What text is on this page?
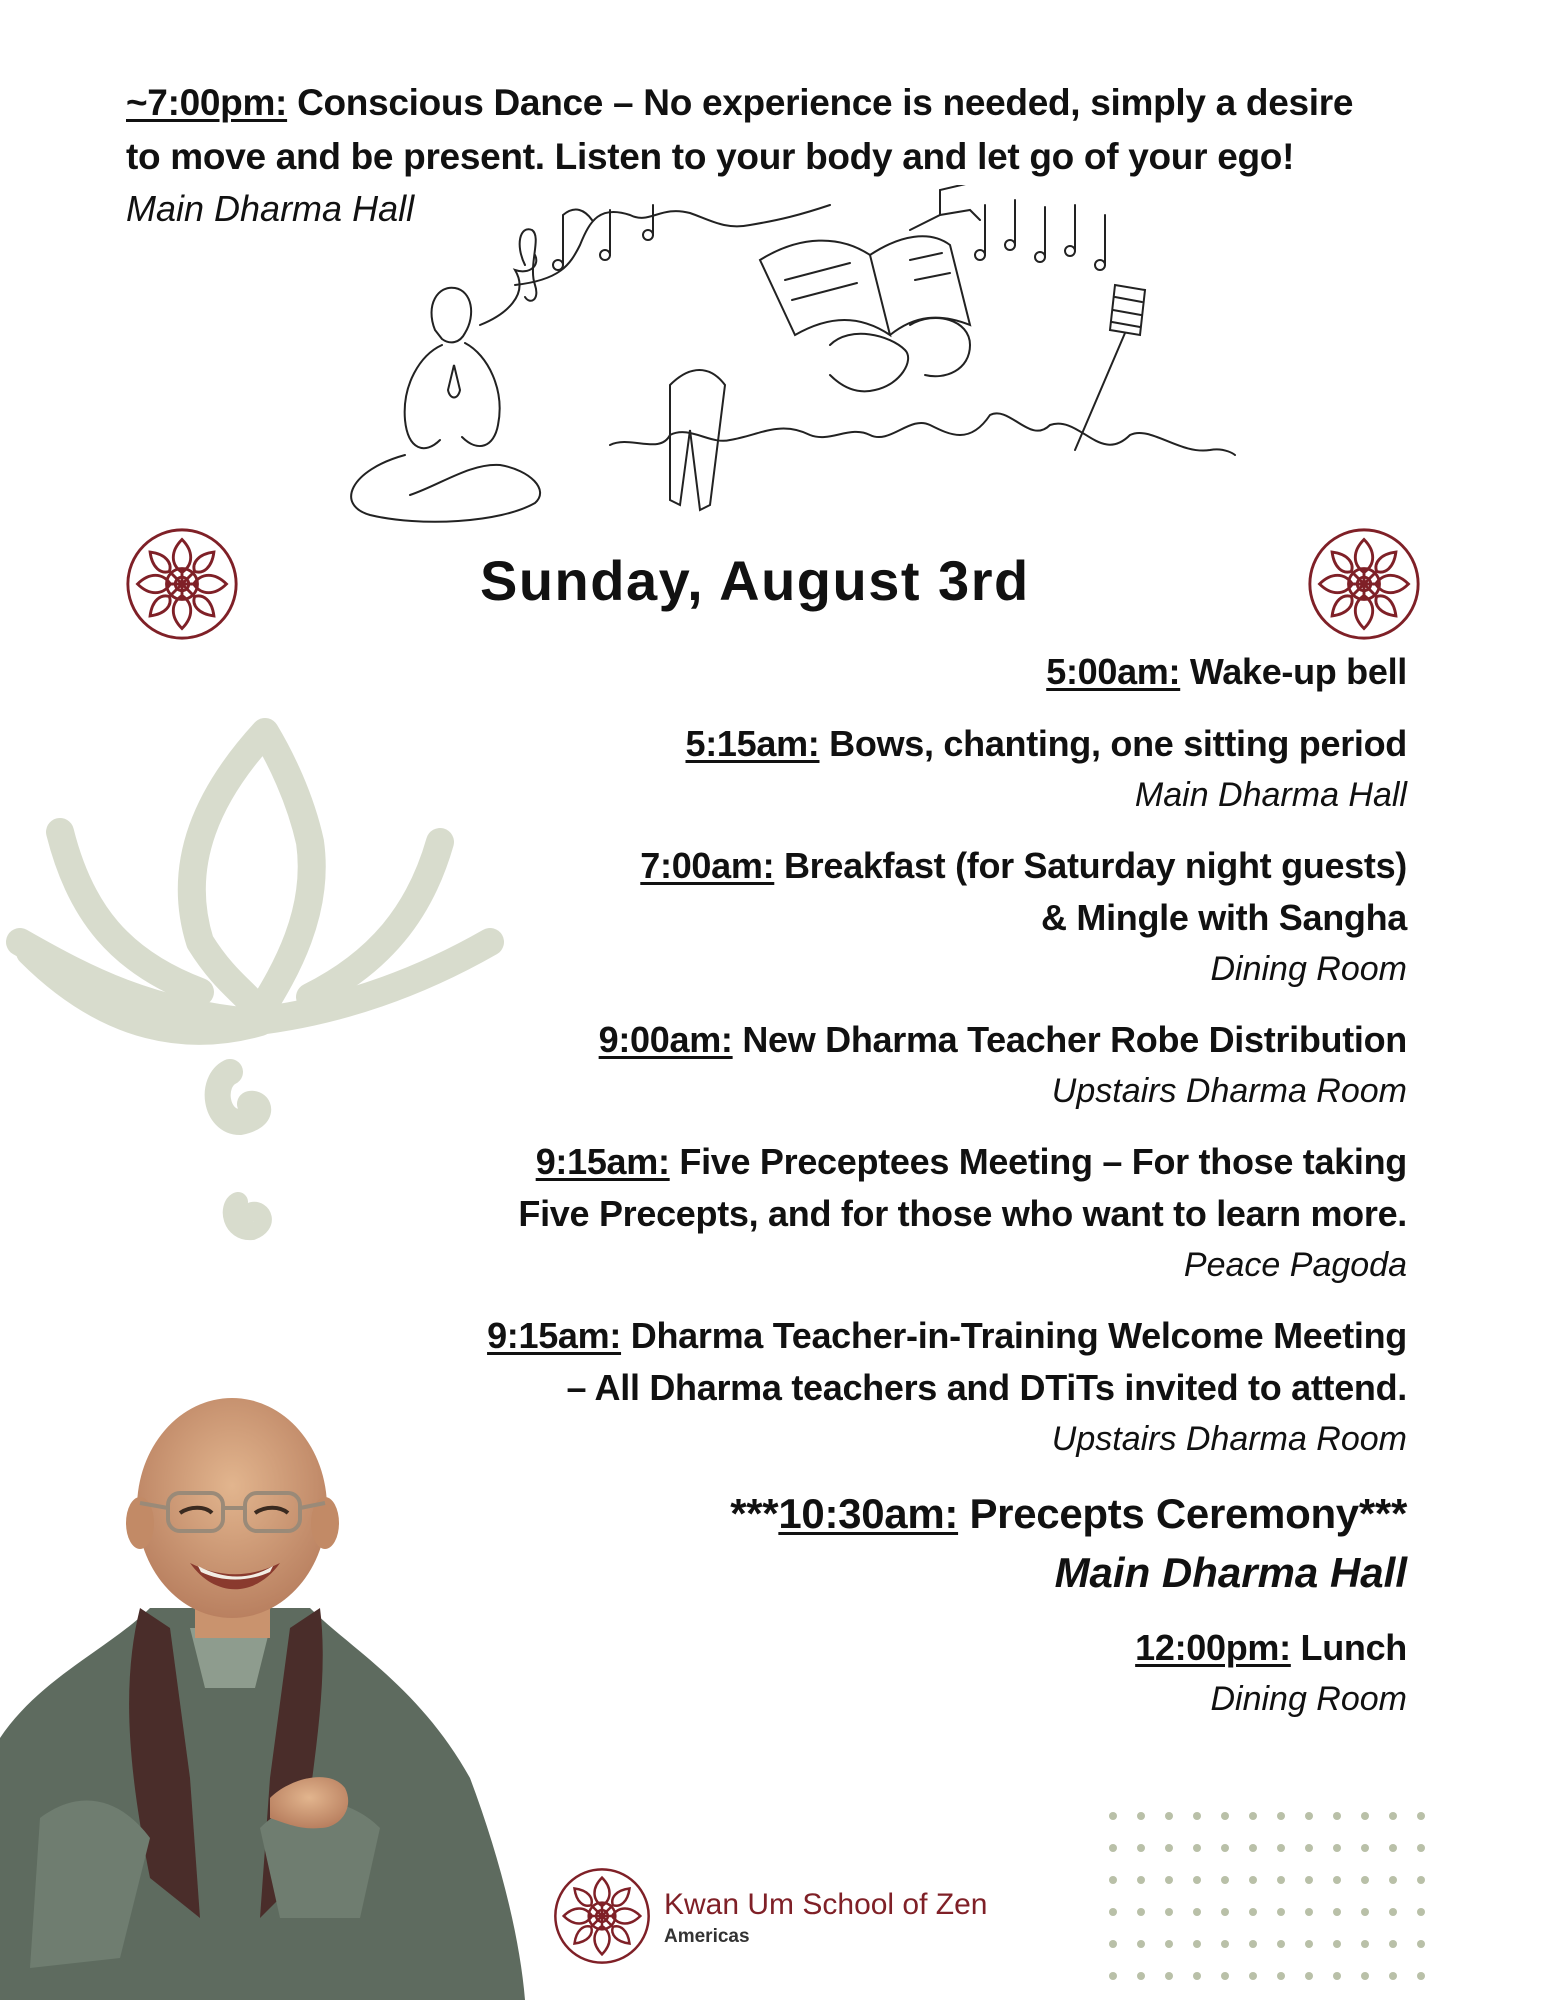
~7:00pm: Conscious Dance – No experience is needed, simply a desire
to move and be present. Listen to your body and let go of your ego!
Main Dharma Hall
Sunday, August 3rd
5:00am: Wake-up bell
5:15am: Bows, chanting, one sitting period
Main Dharma Hall
7:00am: Breakfast (for Saturday night guests)
& Mingle with Sangha
Dining Room
9:00am: New Dharma Teacher Robe Distribution
Upstairs Dharma Room
9:15am: Five Preceptees Meeting – For those taking
Five Precepts, and for those who want to learn more.
Peace Pagoda
9:15am: Dharma Teacher-in-Training Welcome Meeting
– All Dharma teachers and DTiTs invited to attend.
Upstairs Dharma Room
***10:30am: Precepts Ceremony***
Main Dharma Hall
12:00pm: Lunch
Dining Room
Kwan Um School of Zen
Americas
